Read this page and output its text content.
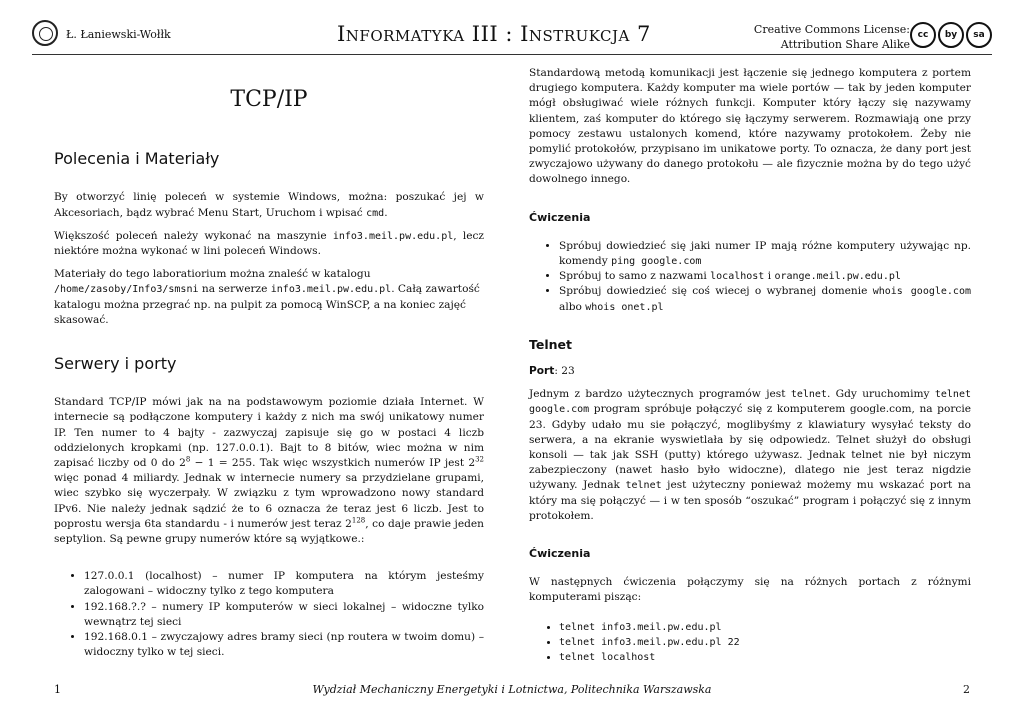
Ł. Łaniewski-Wołłk	Informatyka III : Instrukcja 7	Creative Commons License:
Attribution Share Alike
cc	by	sa
TCP/IP
Polecenia i Materiały

By otworzyć linię poleceń w systemie Windows, można: poszukać jej w Akcesoriach, bądz wybrać Menu Start, Uruchom i wpisać cmd.

Większość poleceń należy wykonać na maszynie info3.meil.pw.edu.pl, lecz niektóre można wykonać w lini poleceń Windows.

Materiały do tego laboratiorium można znaleść w katalogu /home/zasoby/Info3/smsni na serwerze info3.meil.pw.edu.pl. Całą zawartość katalogu można przegrać np. na pulpit za pomocą WinSCP, a na koniec zajęć skasować.

Serwery i porty

Standard TCP/IP mówi jak na na podstawowym poziomie działa Internet. W internecie są podłączone komputery i każdy z nich ma swój unikatowy numer IP. Ten numer to 4 bajty - zazwyczaj zapisuje się go w postaci 4 liczb oddzielonych kropkami (np. 127.0.0.1). Bajt to 8 bitów, wiec można w nim zapisać liczby od 0 do $2^8 - 1 = 255$. Tak więc wszystkich numerów IP jest $2^{32}$ więc ponad 4 miliardy. Jednak w internecie numery sa przydzielane grupami, wiec szybko się wyczerpały. W związku z tym wprowadzono nowy standard IPv6. Nie należy jednak sądzić że to 6 oznacza że teraz jest 6 liczb. Jest to poprostu wersja 6ta standardu - i numerów jest teraz $2^{128}$, co daje prawie jeden septylion. Są pewne grupy numerów które są wyjątkowe.:

• 127.0.0.1 (localhost) – numer IP komputera na którym jesteśmy zalogowani – widoczny tylko z tego komputera
• 192.168.?.? – numery IP komputerów w sieci lokalnej – widoczne tylko wewnątrz tej sieci
• 192.168.0.1 – zwyczajowy adres bramy sieci (np routera w twoim domu) – widoczny tylko w tej sieci.

Standardową metodą komunikacji jest łączenie się jednego komputera z portem drugiego komputera. Każdy komputer ma wiele portów — tak by jeden komputer mógł obsługiwać wiele różnych funkcji. Komputer który łączy się nazywamy klientem, zaś komputer do którego się łączymy serwerem. Rozmawiają one przy pomocy zestawu ustalonych komend, które nazywamy protokołem. Żeby nie pomylić protokołów, przypisano im unikatowe porty. To oznacza, że dany port jest zwyczajowo używany do danego protokołu — ale fizycznie można by do tego użyć dowolnego innego.

Ćwiczenia
• Spróbuj dowiedzieć się jaki numer IP mają różne komputery używając np. komendy ping google.com
• Spróbuj to samo z nazwami localhost i orange.meil.pw.edu.pl
• Spróbuj dowiedzieć się coś wiecej o wybranej domenie whois google.com albo whois onet.pl
Telnet

Port: 23

Jednym z bardzo użytecznych programów jest telnet. Gdy uruchomimy telnet google.com program spróbuje połączyć się z komputerem google.com, na porcie 23. Gdyby udało mu sie połączyć, moglibyśmy z klawiatury wysyłać teksty do serwera, a na ekranie wyswietlała by się odpowiedz. Telnet służył do obsługi konsoli — tak jak SSH (putty) którego używasz. Jednak telnet nie był niczym zabezpieczony (nawet hasło było widoczne), dlatego nie jest teraz nigdzie używany. Jednak telnet jest użyteczny ponieważ możemy mu wskazać port na który ma się połączyć — i w ten sposób “oszukać” program i połączyć się z innym protokołem.

Ćwiczenia

W następnych ćwiczenia połączymy się na różnych portach z różnymi komputerami pisząc:

• telnet info3.meil.pw.edu.pl
• telnet info3.meil.pw.edu.pl 22
• telnet localhost
1	Wydział Mechaniczny Energetyki i Lotnictwa, Politechnika Warszawska	2
